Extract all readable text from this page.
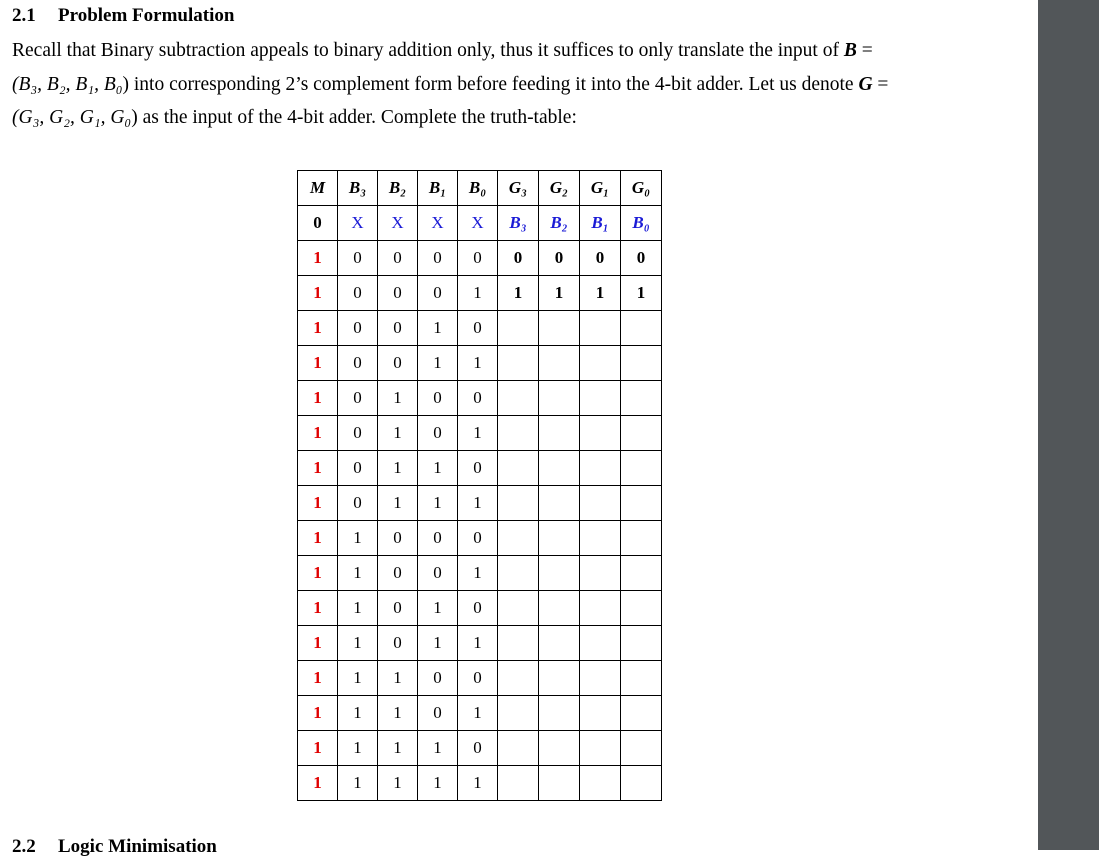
2.1 Problem Formulation
Recall that Binary subtraction appeals to binary addition only, thus it suffices to only translate the input of B =
(B₃, B₂, B₁, B₀) into corresponding 2’s complement form before feeding it into the 4-bit adder. Let us denote G =
(G₃, G₂, G₁, G₀) as the input of the 4-bit adder. Complete the truth-table:
M	B₃	B₂	B₁	B₀	G₃	G₂	G₁	G₀
0	X	X	X	X	B₃	B₂	B₁	B₀
1	0	0	0	0	0	0	0	0
1	0	0	0	1	1	1	1	1
1	0	0	1	0				
1	0	0	1	1				
1	0	1	0	0				
1	0	1	0	1				
1	0	1	1	0				
1	0	1	1	1				
1	1	0	0	0				
1	1	0	0	1				
1	1	0	1	0				
1	1	0	1	1				
1	1	1	0	0				
1	1	1	0	1				
1	1	1	1	0				
1	1	1	1	1				
2.2 Logic Minimisation
